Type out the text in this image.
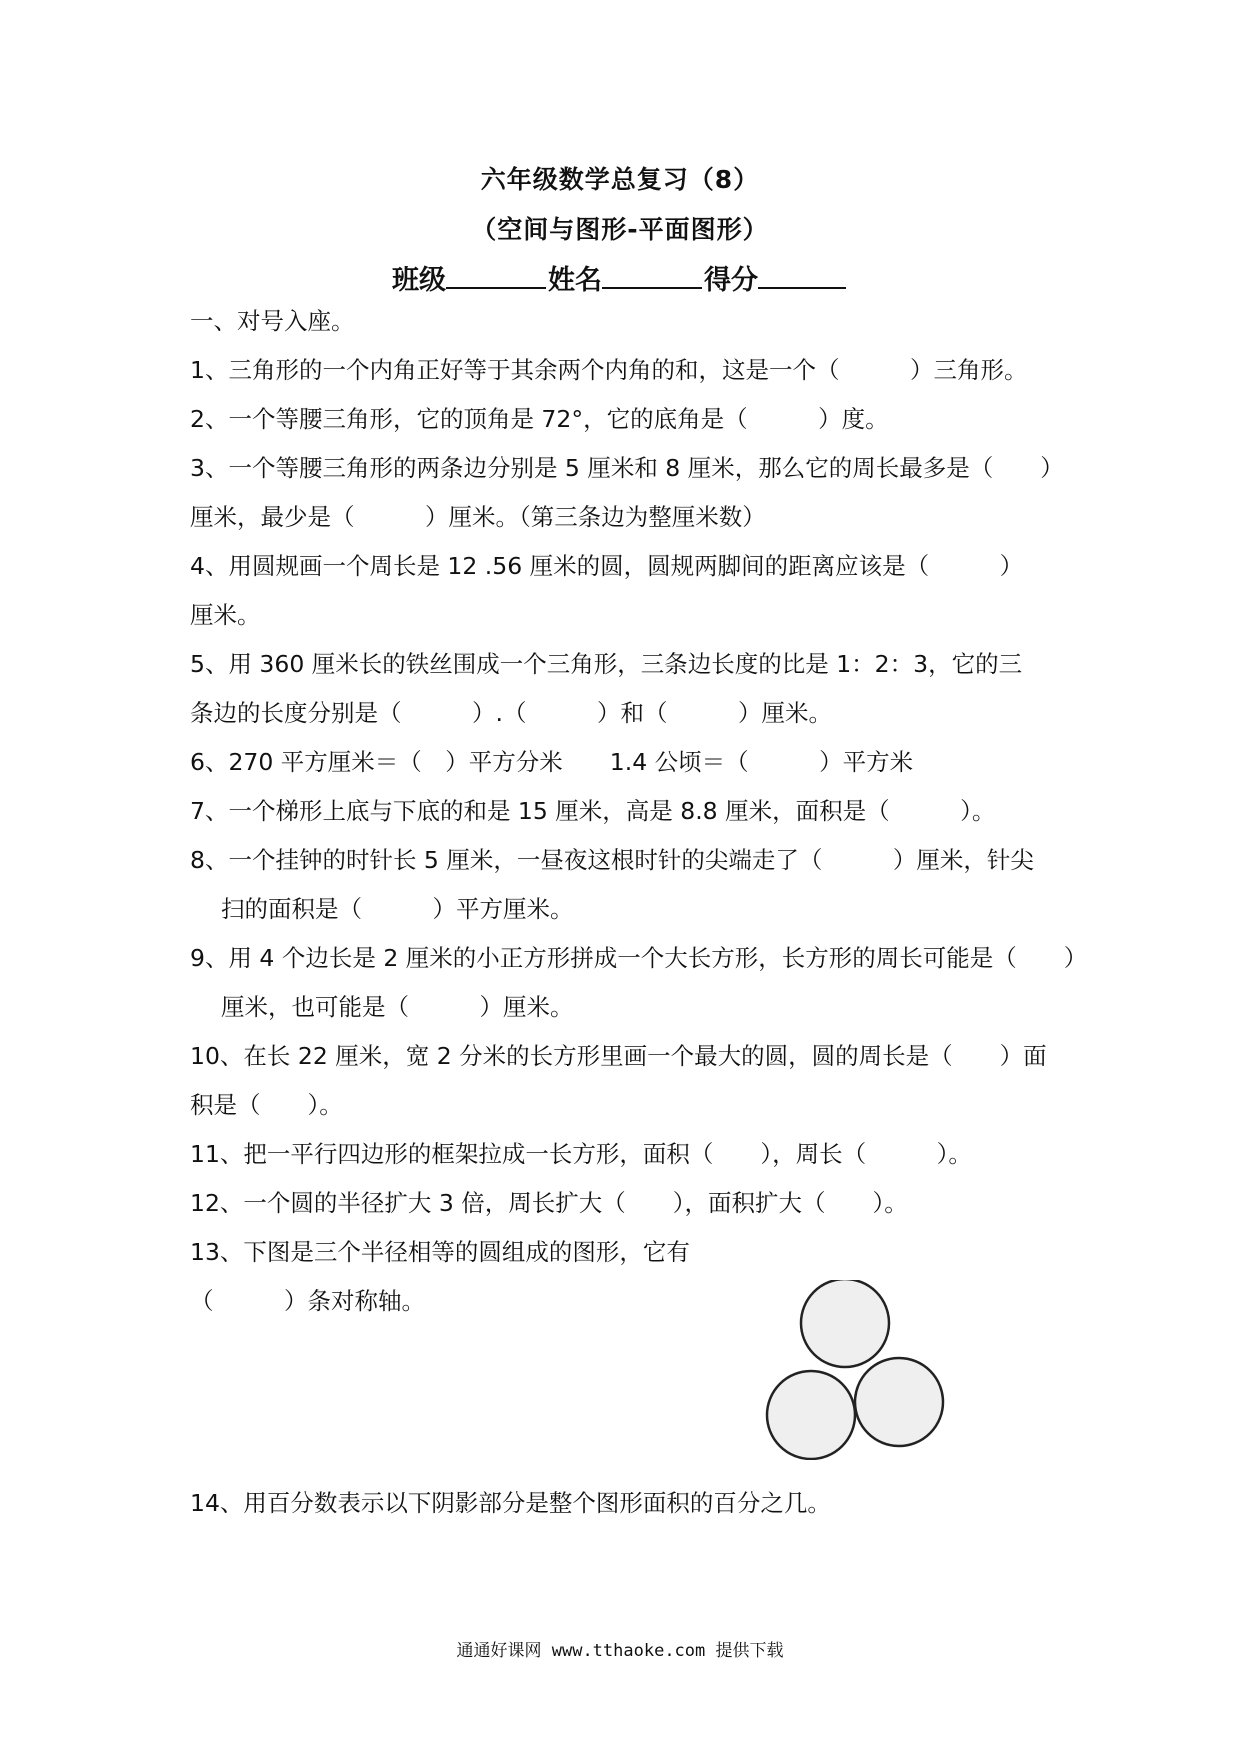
六年级数学总复习（8）
（空间与图形-平面图形）
班级	姓名	得分
一、对号入座。
1、三角形的一个内角正好等于其余两个内角的和，这是一个（　　　）三角形。
2、一个等腰三角形，它的顶角是 72°，它的底角是（　　　）度。
3、一个等腰三角形的两条边分别是 5 厘米和 8 厘米，那么它的周长最多是（　　）
厘米，最少是（　　　）厘米。（第三条边为整厘米数）
4、用圆规画一个周长是 12 .56 厘米的圆，圆规两脚间的距离应该是（　　　）
厘米。
5、用 360 厘米长的铁丝围成一个三角形，三条边长度的比是 1：2：3，它的三
条边的长度分别是（　　　）.（　　　）和（　　　）厘米。
6、270 平方厘米＝（　）平方分米　　1.4 公顷＝（　　　）平方米
7、一个梯形上底与下底的和是 15 厘米，高是 8.8 厘米，面积是（　　　）。
8、一个挂钟的时针长 5 厘米，一昼夜这根时针的尖端走了（　　　）厘米，针尖
　 扫的面积是（　　　）平方厘米。
9、用 4 个边长是 2 厘米的小正方形拼成一个大长方形，长方形的周长可能是（　　）
　 厘米，也可能是（　　　）厘米。
10、在长 22 厘米，宽 2 分米的长方形里画一个最大的圆，圆的周长是（　　）面
积是（　　）。
11、把一平行四边形的框架拉成一长方形，面积（　　），周长（　　　）。
12、一个圆的半径扩大 3 倍，周长扩大（　　），面积扩大（　　）。
13、下图是三个半径相等的圆组成的图形，它有
（　　　）条对称轴。
14、用百分数表示以下阴影部分是整个图形面积的百分之几。
通通好课网 www.tthaoke.com 提供下载
